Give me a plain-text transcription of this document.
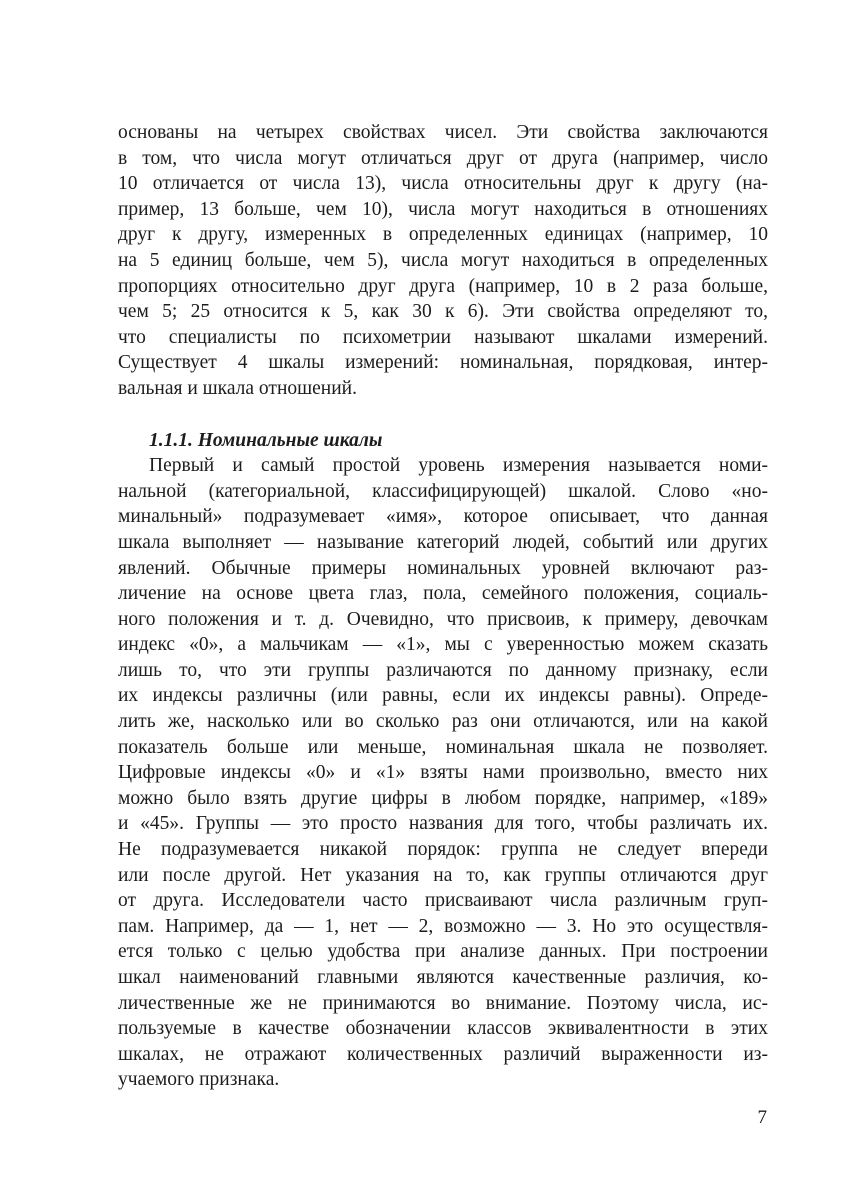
основаны на четырех свойствах чисел. Эти свойства заключаются
в том, что числа могут отличаться друг от друга (например, число
10 отличается от числа 13), числа относительны друг к другу (на-
пример, 13 больше, чем 10), числа могут находиться в отношениях
друг к другу, измеренных в определенных единицах (например, 10
на 5 единиц больше, чем 5), числа могут находиться в определенных
пропорциях относительно друг друга (например, 10 в 2 раза больше,
чем 5; 25 относится к 5, как 30 к 6). Эти свойства определяют то,
что специалисты по психометрии называют шкалами измерений.
Существует 4 шкалы измерений: номинальная, порядковая, интер-
вальная и шкала отношений.
1.1.1. Номинальные шкалы
Первый и самый простой уровень измерения называется номи-
нальной (категориальной, классифицирующей) шкалой. Слово «но-
минальный» подразумевает «имя», которое описывает, что данная
шкала выполняет — называние категорий людей, событий или других
явлений. Обычные примеры номинальных уровней включают раз-
личение на основе цвета глаз, пола, семейного положения, социаль-
ного положения и т. д. Очевидно, что присвоив, к примеру, девочкам
индекс «0», а мальчикам — «1», мы с уверенностью можем сказать
лишь то, что эти группы различаются по данному признаку, если
их индексы различны (или равны, если их индексы равны). Опреде-
лить же, насколько или во сколько раз они отличаются, или на какой
показатель больше или меньше, номинальная шкала не позволяет.
Цифровые индексы «0» и «1» взяты нами произвольно, вместо них
можно было взять другие цифры в любом порядке, например, «189»
и «45». Группы — это просто названия для того, чтобы различать их.
Не подразумевается никакой порядок: группа не следует впереди
или после другой. Нет указания на то, как группы отличаются друг
от друга. Исследователи часто присваивают числа различным груп-
пам. Например, да — 1, нет — 2, возможно — 3. Но это осуществля-
ется только с целью удобства при анализе данных. При построении
шкал наименований главными являются качественные различия, ко-
личественные же не принимаются во внимание. Поэтому числа, ис-
пользуемые в качестве обозначении классов эквивалентности в этих
шкалах, не отражают количественных различий выраженности из-
учаемого признака.
7
